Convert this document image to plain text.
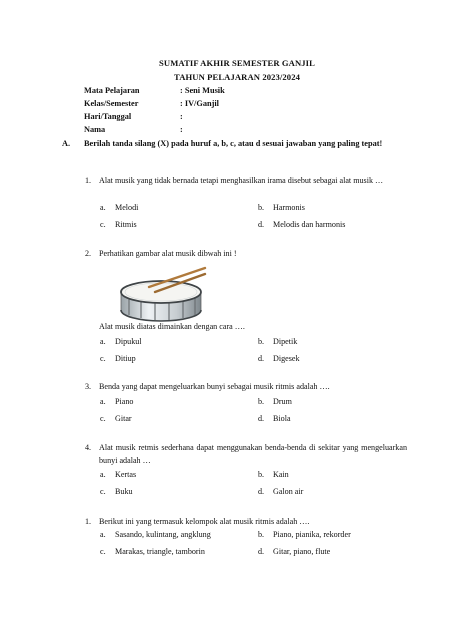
SUMATIF AKHIR SEMESTER GANJIL
TAHUN PELAJARAN 2023/2024
Mata Pelajaran	: Seni Musik
Kelas/Semester	: IV/Ganjil
Hari/Tanggal	:
Nama	:
A. Berilah tanda silang (X) pada huruf a, b, c, atau d sesuai jawaban yang paling tepat!
1. Alat musik yang tidak bernada tetapi menghasilkan irama disebut sebagai alat musik …
a. Melodi	b. Harmonis
c. Ritmis	d. Melodis dan harmonis
2. Perhatikan gambar alat musik dibwah ini !
Alat musik diatas dimainkan dengan cara ….
a. Dipukul	b. Dipetik
c. Ditiup	d. Digesek
3. Benda yang dapat mengeluarkan bunyi sebagai musik ritmis adalah ….
a. Piano	b. Drum
c. Gitar	d. Biola
4. Alat musik retmis sederhana dapat menggunakan benda-benda di sekitar yang mengeluarkan bunyi adalah …
a. Kertas	b. Kain
c. Buku	d. Galon air
1. Berikut ini yang termasuk kelompok alat musik ritmis adalah ….
a. Sasando, kulintang, angklung	b. Piano, pianika, rekorder
c. Marakas, triangle, tamborin	d. Gitar, piano, flute
